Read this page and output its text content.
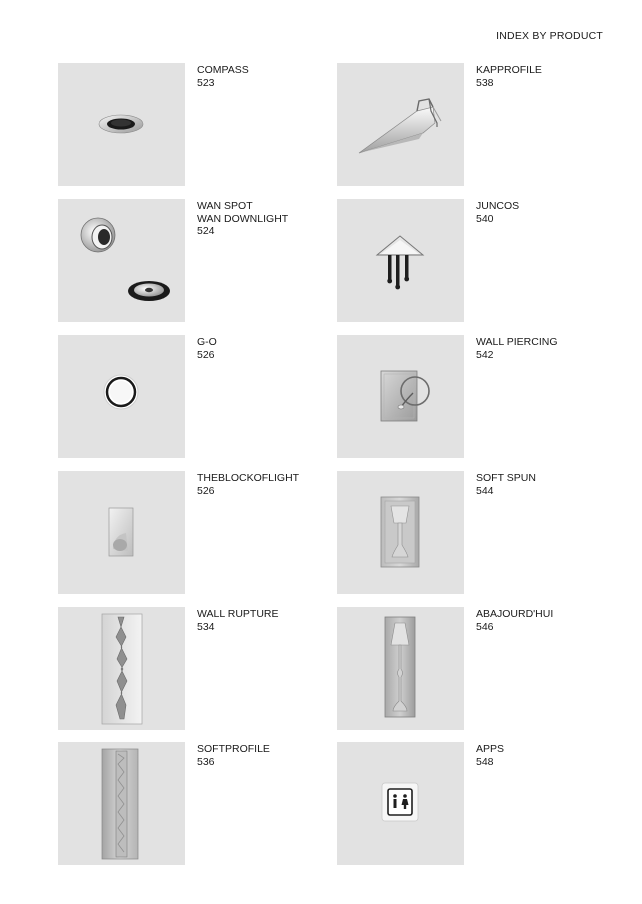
INDEX BY PRODUCT
COMPASS
523
KAPPROFILE
538
WAN SPOT
WAN DOWNLIGHT
524
JUNCOS
540
G-O
526
WALL PIERCING
542
THEBLOCKOFLIGHT
526
SOFT SPUN
544
WALL RUPTURE
534
ABAJOURD'HUI
546
SOFTPROFILE
536
APPS
548
